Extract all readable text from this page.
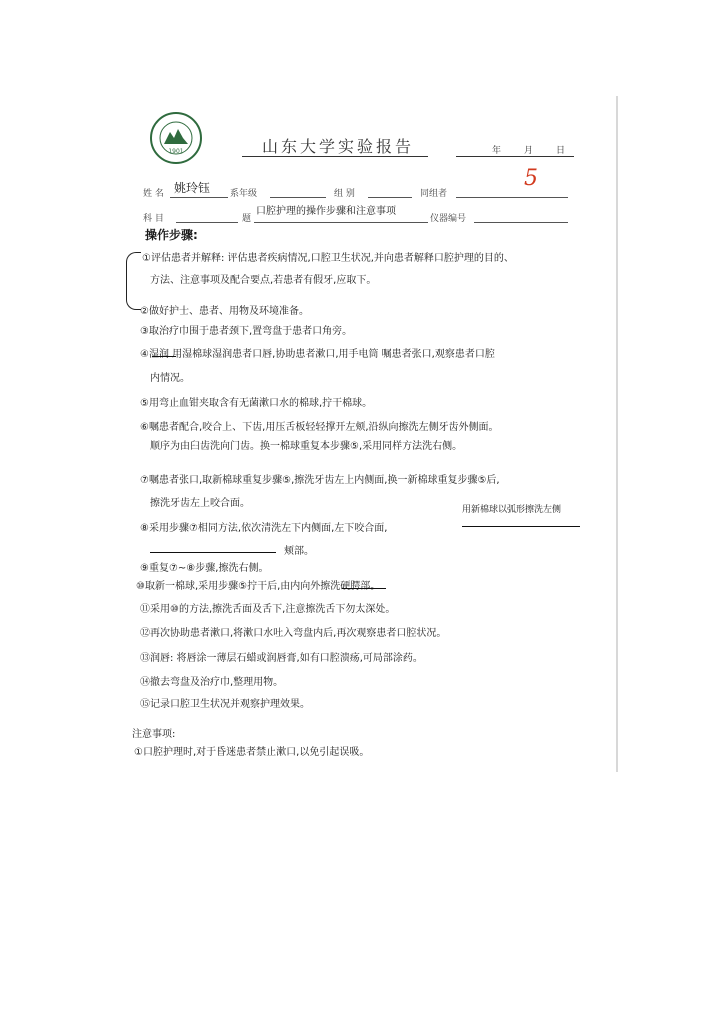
1901	山东大学实验报告	年	月	日
5
姓 名 姚玲钰 系年级	组 别	同组者
科 目	题
口腔护理的操作步骤和注意事项
仪器编号
操作步骤:
①评估患者并解释: 评估患者疾病情况,口腔卫生状况,并向患者解释口腔护理的目的、
方法、注意事项及配合要点,若患者有假牙,应取下。
②做好护士、患者、用物及环境准备。
③取治疗巾围于患者颈下,置弯盘于患者口角旁。
④湿润 用湿棉球湿润患者口唇,协助患者漱口,用手电筒 嘱患者张口,观察患者口腔
内情况。
⑤用弯止血钳夹取含有无菌漱口水的棉球,拧干棉球。
⑥嘱患者配合,咬合上、下齿,用压舌板轻轻撑开左颊,沿纵向擦洗左侧牙齿外侧面。
顺序为由臼齿洗向门齿。换一棉球重复本步骤⑤,采用同样方法洗右侧。
⑦嘱患者张口,取新棉球重复步骤⑤,擦洗牙齿左上内侧面,换一新棉球重复步骤⑤后,
擦洗牙齿左上咬合面。
用新棉球以弧形擦洗左侧
⑧采用步骤⑦相同方法,依次清洗左下内侧面,左下咬合面,
颊部。
⑨重复⑦~⑧步骤,擦洗右侧。
⑩取新一棉球,采用步骤⑤拧干后,由内向外擦洗硬腭部。
⑪采用⑩的方法,擦洗舌面及舌下,注意擦洗舌下勿太深处。
⑫再次协助患者漱口,将漱口水吐入弯盘内后,再次观察患者口腔状况。
⑬润唇: 将唇涂一薄层石蜡或润唇膏,如有口腔溃疡,可局部涂药。
⑭撤去弯盘及治疗巾,整理用物。
⑮记录口腔卫生状况并观察护理效果。
注意事项:
①口腔护理时,对于昏迷患者禁止漱口,以免引起误吸。
